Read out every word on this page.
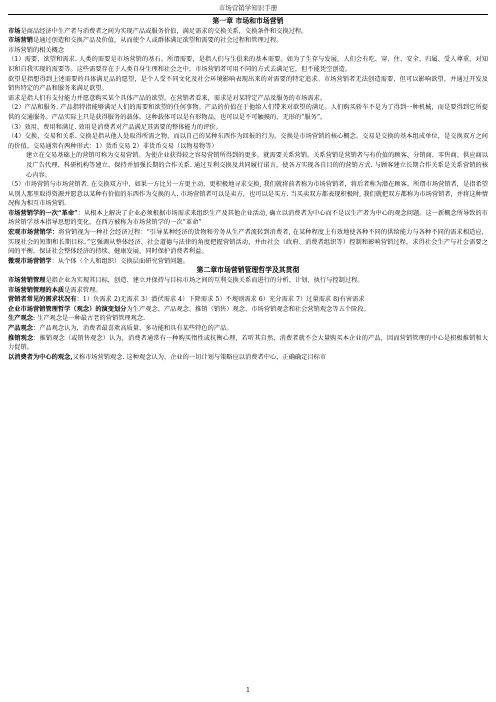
市场营销学知识手册

第一章 市场和市场营销

市场是商品经济中生产者与消费者之间为实现产品或服务价值，满足需求的交换关系，交换条件和交换过程。

市场营销是通过创造和交换产品及价值，从而使个人或群体满足欲望和需要的社会过程和管理过程。

市场营销的相关概念

（1）需要、欲望和需求. 人类的需要是市场营销的基石。所谓需要，是指人们与生俱来的基本需要。如为了生存与发展，人们会有吃、穿、住、安全、归属、受人尊重、对知识和自我实现的需要等。这些需要存在于人类自身生理和社会之中，市场营销者可用不同的方式去满足它，但不能凭空创造。

欲望是指想得到上述需要的具体满足品的愿望，是个人受不同文化及社会环境影响表现出来的对需要的特定追求。市场营销者无法创造需要，但可以影响欲望，并通过开发及销售特定的产品和服务来满足欲望。

需求是指人们有支付能力并愿意购买某个具体产品的欲望。在营销者看来，需求是对某特定产品及服务的市场需求。

（2）产品和服务. 产品指特指能够满足人们的需要和欲望的任何事物。产品的价值在于他给人们带来对欲望的满足。人们购买轿车不是为了得到一种机械，而是要得到它所提供的交通服务。产品实际上只是获得服务的载体。这种载体可以是有形物品，也可以是不可触摸的、无形的“服务”。

（3）效用、费用和满足. 效用是消费者对产品满足其需要的整体能力的评价。

（4）交换、交易和关系. 交换是指从他人处取得所需之物，而以自己的某种东西作为回报的行为。交换是市场营销的核心概念。交易是交换的基本组成单位，是交换双方之间的价值。交易通常有两种形式：1）货币交易 2）非货币交易（以物易物等）

建立在交易基础上的营销可称为交易营销。为使企业获得较之容易营销所得到的更多，就需要关系营销。关系营销是营销者与有价值的顾客、分销商、零售商、供应商以及广告代理、科研机构等建立、保持并加强长期的合作关系. 通过互利交换及共同履行诺言，使各方实现各自目的的营销方式. 与顾客建立长期合作关系是关系营销的核心内容。

（5）市场营销与市场营销者. 在交换双方中，如果一方比另一方更主动、更积极地寻求交换, 我们就将前者称为市场营销者，将后者称为潜在顾客。所谓市场营销者，是指希望从别人那里取得资源并愿意以某种有价值的东西作为交换的人. 市场营销者可以是卖方，也可以是买方. 当买卖双方都表现积极时, 我们就把双方都称为市场营销者，并将这种情况称为相互市场营销.

市场营销学的一次“革命”：从根本上解决了企业必须根据市场需求来组织生产及其他企业活动, 确立以消费者为中心而不是以生产者为中心的观念问题。这一新概念所导致的市场营销学基本指导思想的变化，在西方被称为市场营销学的一次“革命”

宏观市场营销学：将营销视为一种社会经济过程：“引导某种经济的货物和劳务从生产者流转到消费者, 在某种程度上有效地使各种不同的供给能力与各种不同的需求相适应，实现社会的短期和长期目标。”它强调从整体经济、社会道德与法律的角度把握营销活动，并由社会（政府、消费者组织等）控制和影响营销过程，求得社会生产与社会需要之间的平衡，保证社会整体经济的持续、健康发展，同时保护消费者利益。

微观市场营销学：从个体（个人和组织）交换层面研究营销问题。

第二章市场营销管理哲学及其贯彻

市场营销管理是指企业为实现其目标，创造、建立并保持与目标市场之间的互利交换关系而进行的分析、计划、执行与控制过程。

市场营销管理的本质是需求管理。

营销者常见的需求状况有：1）负需求 2)无需求 3）潜伏需求 4）下降需求 5）不规则需求 6）充分需求 7）过量需求 8)有害需求

企业市场营销管理哲学（观念）的演变划分为生产观念、产品观念、推销（销售）观念、市场营销观念和社会营销观念等五个阶段。

生产观念: 生产观念是一种最古老的营销管理观念.

产品观念：产品观念认为，消费者最喜欢高质量、多功能和具有某些特色的产品。

推销观念：推销观念（或销售观念）认为，消费者通常有一种购买惰性或抗衡心理，若听其自然，消费者就不会大量购买本企业的产品，因而营销管理的中心是积极推销和大力促销。

以消费者为中心的观念,又称市场营销观念. 这种观念认为，企业的一切计划与策略应以消费者中心，正确确定目标市

1
